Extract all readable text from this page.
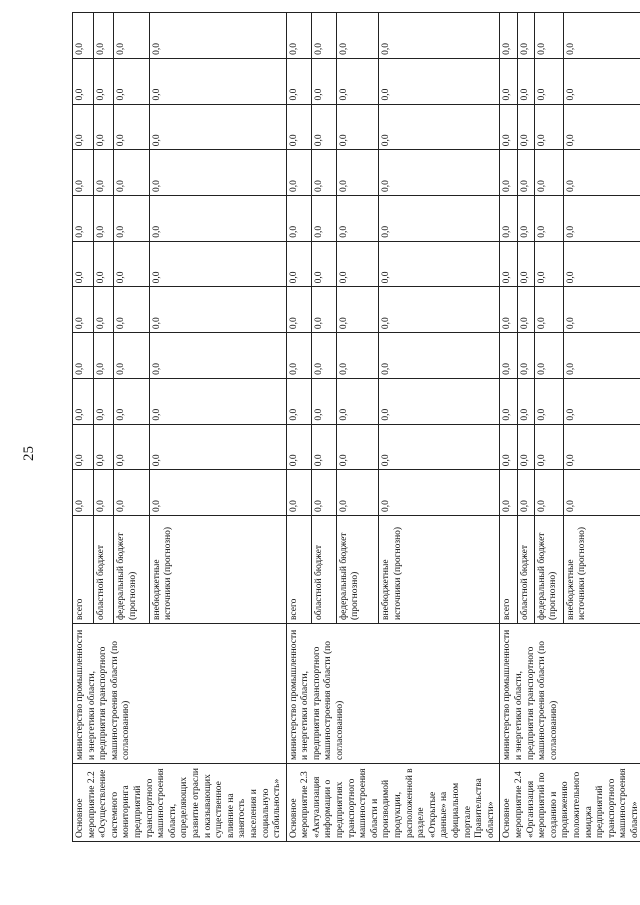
25
Основное мероприятие 2.2 «Осуществление системного мониторинга предприятий транспортного машиностроения области, определяющих развитие отрасли и оказывающих существенное влияние на занятость населения и социальную стабильность»	министерство промышленности и энергетики области, предприятия транспортного машиностроения области (по согласованию)	всего	0,0	0,0	0,0	0,0	0,0	0,0	0,0	0,0	0,0	0,0	0,0
		областной бюджет	0,0	0,0	0,0	0,0	0,0	0,0	0,0	0,0	0,0	0,0	0,0
		федеральный бюджет (прогнозно)	0,0	0,0	0,0	0,0	0,0	0,0	0,0	0,0	0,0	0,0	0,0
		внебюджетные источники (прогнозно)	0,0	0,0	0,0	0,0	0,0	0,0	0,0	0,0	0,0	0,0	0,0
Основное мероприятие 2.3 «Актуализация информации о предприятиях транспортного машиностроения области и производимой продукции, расположенной в разделе «Открытые данные» на официальном портале Правительства области»	министерство промышленности и энергетики области, предприятия транспортного машиностроения области (по согласованию)	всего	0,0	0,0	0,0	0,0	0,0	0,0	0,0	0,0	0,0	0,0	0,0
		областной бюджет	0,0	0,0	0,0	0,0	0,0	0,0	0,0	0,0	0,0	0,0	0,0
		федеральный бюджет (прогнозно)	0,0	0,0	0,0	0,0	0,0	0,0	0,0	0,0	0,0	0,0	0,0
		внебюджетные источники (прогнозно)	0,0	0,0	0,0	0,0	0,0	0,0	0,0	0,0	0,0	0,0	0,0
Основное мероприятие 2.4 «Организация мероприятий по созданию и продвижению положительного имиджа предприятий транспортного машиностроения области»	министерство промышленности и энергетики области, предприятия транспортного машиностроения области (по согласованию)	всего	0,0	0,0	0,0	0,0	0,0	0,0	0,0	0,0	0,0	0,0	0,0
		областной бюджет	0,0	0,0	0,0	0,0	0,0	0,0	0,0	0,0	0,0	0,0	0,0
		федеральный бюджет (прогнозно)	0,0	0,0	0,0	0,0	0,0	0,0	0,0	0,0	0,0	0,0	0,0
		внебюджетные источники (прогнозно)	0,0	0,0	0,0	0,0	0,0	0,0	0,0	0,0	0,0	0,0	0,0
